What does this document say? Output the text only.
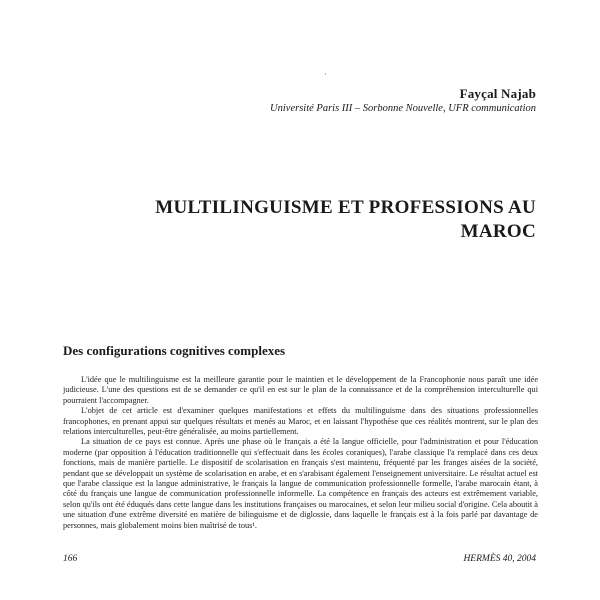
·
Fayçal Najab
Université Paris III – Sorbonne Nouvelle, UFR communication
MULTILINGUISME ET PROFESSIONS AU MAROC
Des configurations cognitives complexes

L'idée que le multilinguisme est la meilleure garantie pour le maintien et le développement de la Francophonie nous paraît une idée judicieuse. L'une des questions est de se demander ce qu'il en est sur le plan de la connaissance et de la compréhension interculturelle qui pourraient l'accompagner.

L'objet de cet article est d'examiner quelques manifestations et effets du multilinguisme dans des situations professionnelles francophones, en prenant appui sur quelques résultats et menés au Maroc, et en laissant l'hypothèse que ces réalités montrent, sur le plan des relations interculturelles, peut-être généralisée, au moins partiellement.

La situation de ce pays est connue. Après une phase où le français a été la langue officielle, pour l'administration et pour l'éducation moderne (par opposition à l'éducation traditionnelle qui s'effectuait dans les écoles coraniques), l'arabe classique l'a remplacé dans ces deux fonctions, mais de manière partielle. Le dispositif de scolarisation en français s'est maintenu, fréquenté par les franges aisées de la société, pendant que se développait un système de scolarisation en arabe, et en s'arabisant également l'enseignement universitaire. Le résultat actuel est que l'arabe classique est la langue administrative, le français la langue de communication professionnelle formelle, l'arabe marocain étant, à côté du français une langue de communication professionnelle informelle. La compétence en français des acteurs est extrêmement variable, selon qu'ils ont été éduqués dans cette langue dans les institutions françaises ou marocaines, et selon leur milieu social d'origine. Cela aboutit à une situation d'une extrême diversité en matière de bilinguisme et de diglossie, dans laquelle le français est à la fois parlé par davantage de personnes, mais globalement moins bien maîtrisé de tous¹.

166	HERMÈS 40, 2004
